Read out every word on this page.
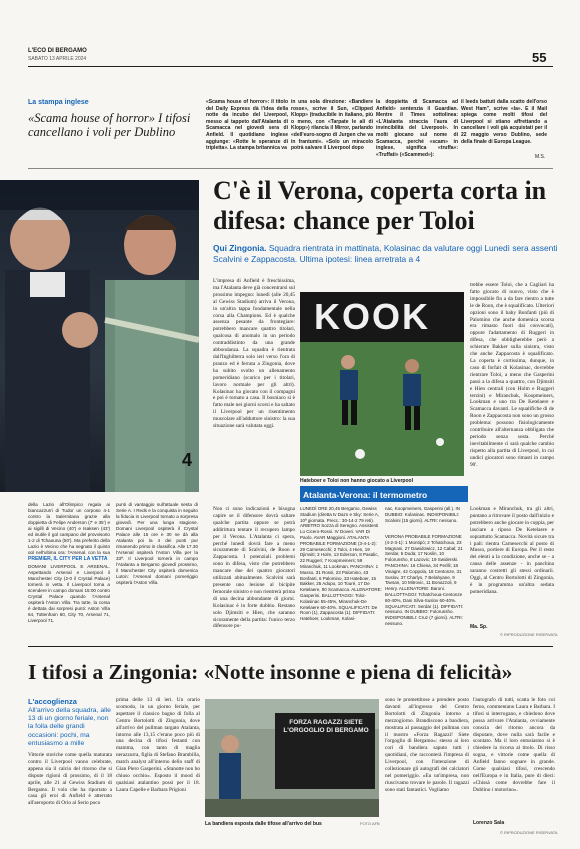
L'ECO DI BERGAMO
SABATO 13 APRILE 2024	55
La stampa inglese
«Scama house of horror» I tifosi cancellano i voli per Dublino
«Scama house of horror»: il titolo del Daily Express dà l'idea della notte da incubo del Liverpool, messo al tappeto dall'Atalanta di Scamacca nel giovedì sera di Anfield. Il quotidiano inglese aggiunge: «Rotte le speranze di tripletta». La stampa britannica va
in una sola direzione: «Bandiere rosse», scrive il Sun, «Clipped Klopp» (traducibile in italiano, più o meno, con «Tarpate le ali di Klopp») rilancia il Mirror, parlando «dell'euro-sogno di Jurgen che va in frantumi». «Solo un miracolo potrà salvare il Liverpool dopo
la doppietta di Scamacca ad Anfield» sentenzia il Guardian. Mentre il Times sottolinea: «L'Atalanta straccia l'aura di invincibilità del Liverpool». In molti giocano sul nome di Scamacca, perché «scam» in inglese, significa «truffa»: «Truffati» («Scammed»):
il leeds battuti dalla scatto dell'orso West Ham", scrive «la». E il Mail spiega come molti tifosi del Liverpool si stiano affrettando a cancellare i voli già acquistati per il 22 maggio verso Dublino, sede della finale di Europa League.
M.S.
4
C'è il Verona, coperta corta in difesa: chance per Toloi
Qui Zingonia. Squadra rientrata in mattinata, Kolasinac da valutare oggi Lunedì sera assenti Scalvini e Zappacosta. Ultima ipotesi: linea arretrata a 4
L'impresa di Anfield è freschissima, ma l'Atalanta deve già concentrarsi sul prossimo impegno: lunedì (alle 20,45 al Gewiss Stadium) arriva il Verona, in un'altra tappa fondamentale nella corsa alla Champions. Ed è qualche assenza pesante da frontegiare: potrebbero mancare quattro titolari, qualcosa di anomalo in un periodo contraddistinto da una grande abbondanza. La squadra è rientrata dall'Inghilterra solo ieri verso l'ora di pranzo ed è ferrata a Zingonia, dove ha subito svolto un allenamento pomeridiano (scarico per i titolari, lavoro normale per gli altri). Kolasinac ha giocato con il compagni e poi è tornato a casa. Il bosniaco si è fatto male nei giorni scorsi e ha saltato il Liverpool per un risentimento muscolare all'adduttore sinistro: la sua situazione sarà valutata oggi.
KOOK
Hateboer e Toloi non hanno giocato a Liverpool
trebbe essere Toloi, che a Cagliari ha fatto giocato di nuovo, visto che è impossibile fin a da fare rientro a tutte le de Roon, che è squalificato. Ulteriori opzioni sono il baby Bonfanti (più di Palomino che anche domenica scorsa era rimasto fuori dai convocati), oppure l'adattamento di Ruggeri in difesa, che obbligherebbe però a schierare Bakker sulla sinistra, visto che anche Zappacosta è squalificato. La coperta è cortissima, dunque, in caso di forfait di Kolasinac, dovrebbe rientrare Toloi, a meno che Gasperini passi a la difesa a quattro, con Djimsiti e Hien centrali (con Holm e Ruggeri terzini) e Miranchuk, Koopmeiners, Lookman e uno tra De Ketelaere e Scamacca davanti. Le squalifiche di de Roon e Zappacosta non sono un grosso problema: possono fisiologicamente contribuire all'alternanza obbligata che periodo senza sosta. Perché inevitabilmente ci sarà qualche cambio rispetto alla partita di Liverpool, in cui undici giocatori sono rimasti in campo 90'.
Atalanta-Verona: il termometro
LUNEDÌ ORE 20,45 Bergamo, Gewiss Stadium (diretta tv Dazn e Sky: Serie A, 10ª giornata. Precc.: 30-14-2 79 reti). ARBITRO Sozza di Seregno. Assistenti Lo Cicero-Rossi. IV Doveri. VAR Di Paolo. AVAR Maggioni. ATALANTA PROBABILE FORMAZIONE (3-4-1-2): 29 Carnesecchi; 2 Toloi, 4 Hien, 19 Djimsiti; 3 Holm, 13 Ederson, 8 Pasalic, 22 Ruggeri; 7 Koopmeiners; 59 Miranchuk, 11 Lookman. PANCHINA: 1 Musso, 31 Rossi, 23 Palomino, 43 Bonfanti, 6 Palomino, 33 Hateboer, 15 Bakker, 25 Adopo, 10 Touré, 17 De Ketelaere, 90 Scamacca. ALLENATORE: Gasperini. BALLOTTAGGI: Toloi-Kolasinac 55-45%, Miranchuk-De Ketelaere 60-40%. SQUALIFICATI: De Roon (1), Zappacosta (1). DIFFIDATI: Hateboer, Lookman, Kolasi-
nac, Koopmeiners, Gasperini (all.). IN DUBBIO: Kolasinac. INDISPONIBILI: Scalvini (15 giorni). ALTRI: nessuno.
VERONA PROBABILE FORMAZIONE (4-2-3-1): 1 Montipò; 2 Tchatchoua, 23 Magnani, 27 Dawidowicz, 12 Cabal; 21 Serdar, 5 Duda; 17 Noslin, 10 Folorunsho, 8 Lazovic; 19 Swiderski. PANCHINA: 16 Chiesa, 34 Perilli; 18 Vinagre, 42 Coppola, 18 Centonze, 31 Suslov, 37 Charlys, 7 Belahyane, 9 Tavsan, 10 Mitrovic, 11 Bonazzoli, 9 Henry. ALLENATORE: Baroni. BALLOTTAGGI: Tchatchoua-Centonze 60-40%, Dani Silva-Suslov 60-40%. SQUALIFICATI: Serdar (1). DIFFIDATI: nessuno. IN DUBBIO: Folorunsho. INDISPONIBILI: Cruz (7 giorni). ALTRI: nessuno.
Non ci sono indicazioni e bisogna capire se il difensore dovrà saltare qualche partita oppure se potrà addirittura tentare il recupero lampo per il Verona. L'Atalanta ci spera, perché lunedì dovrà fare a meno sicuramente di Scalvini, de Roon e Zappacosta. I potenziali problemi sono in difesa, visto che potrebbero mancare due dei quattro giocatori utilizzati abitualmente. Scalvini sarà presente uno lesione al bicipite femorale sinistro e non rientrerà prima di una decina abbondante di giorni. Kolasinac è in forte dubbio. Restano solo Djimsiti e Hien, che saranno sicuramente della partita: l'unico terzo difensore pu-
Lookman e Miranchuk, tra gli altri, puntano a ritrovare il posto dall'inizio e potrebbero anche giocare in coppia, per lasciare a riposo De Ketelaere e soprattutto Scamacca. Novità sicure tra i pali: rientra Carnesecchi al posto di Musso, portiere di Europa. Per il resto dei elenti a la condizione, anche se - a causa delle assenze - in panchina saranno costretti gli stessi ordinarii. Oggi, al Centro Bortolotti di Zingonia, è in programma un'altra seduta pomeridiana.
Ma. Sp.
© RIPRODUZIONE RISERVATA
della Lazio all'Olimpico regala ai biancazzurri di Tudor un corposo 4-1 contro la Salernitana grazie alla doppietta di Felipe Anderson (7' e 35') e ai sigilli di Vecino (40') e Isaksen (43') ed inutile il gol campano del provvisorio 1-2 di Tchaouna (50'). Ma preferito della Lazio è Vecino che ha segnato il quinto gol nell'ultima ora: l'Arsenal, con la sua
PREMIER, IL CITY PER LA VETTA
DOMANI LIVERPOOL E ARSENAL. Aspettando Arsenal e Liverpool il Manchester City (2-0 il Crystal Palace) tornerà in vetta. Il Liverpool torna a scendere in campo domani 15:00 contro Crystal Palace quando l'Arsenal ospiterà l'Aston Villa. Tra tutte, la corsa è dettata dai sorpresi punti: Aston Villa 64, Tottenham 60, City 70, Arsenal 71, Liverpool 71.
punti di vantaggio sull'attuale sesta di Serie A. I Reds e la conquista in seguito la fiducia in Liverpool tornato a sorpresa giovedì. Per una lunga stagione. Domani Liverpool ospiterà il Crystal Palace alle 15 ore e 30 ne dà alla Atalanta poi la 4 dei punti pur rimanendo primo in classifica. Alle 17.30 l'Arsenal ospiterà l'Aston Villa per la 33ª. Il Liverpool tornerà in campo l'Atalanta a Bergamo giovedì prossimo, il Manchester City ospiterà domenica Luton: l'Arsenal domani pomeriggio ospiterà l'Aston Villa.
I tifosi a Zingonia: «Notte insonne e piena di felicità»
L'accoglienza
All'arrivo della squadra, alle 13 di un giorno feriale, non la folla delle grandi occasioni: pochi, ma entusiasmo a mille
Vittorie storiche come quella maturata contro il Liverpool vanno celebrate, appena sia il calcio del ritorno che si dispute rigioni di prossimo, di il 18 aprile, alle 21 al Gewiss Stadium di Bergamo. Il volo che ha riportato a casa gli eroi di Anfield è atterrato all'aeroporto di Orio al Serio poco
prima delle 13 di ieri. Un orario scomodo, in un giorno feriale, per aspettare il classico bagno di folla al Centro Bortolotti di Zingonia, dove all'arrivo del pullman targato Atalanta, intorno alle 13,15 c'erano poco più di una decina di tifosi festanti con mamma, con tanto di maglia nerazzurra, figlia di Stefano Brambilla, match analyst all'interno dello staff di Gian Piero Gasperini. «Stanotte non ho chiuso occhio». Esposto il mood di qualsiasi atalantino possi per il 18. Laura Capelle e Barbara Prigioni
FORZA RAGAZZI SIETE L'ORGOGLIO DI BERGAMO
La bandiera esposta dalle tifose all'arrivo del bus	FOTO AFB
sono le promettitose a prendere posto davanti all'ingresso del Centro Bortolotti di Zingonia intorno a mezzogiorno. Brandiscono a bandiera, mostrata al passaggio del pullman con il mostro «Forza Ragazzi! Siete l'orgoglio di Bergamo»: stesso ai loro cori di bandiera saputo tutti i quotidiani, che racconterà l'impresa di Liverpool, con l'intenzione di collezionare gli autografi dei calciatori nel pomeriggio. «Eu un'impresa, non riuscivamo trovare le parole. Il ragazzi sono stati fantastici. Vogliamo
l'autografo di tutti, scatta le foto coi ferno, commentano Laura e Barbara. I tifosi si interrogano, e chiedono dove possa arrivare l'Atalanta, ovviamente conscia del ritorno ancora da disputare, dove nulla sarà facile e scontato. Ma il loro entusiasmo si è chiedere la ricorsa al titolo. Di risso sogna, e vittorie come quella di Anfield fanno sognare in grande. Come qualsiasi tifosi, crescendo nell'Europa e in Italia, pure di dieci: «Chissà come dovrebbe fare il Dublino i motorino».
Lorenzo Sala
© RIPRODUZIONE RISERVATA
